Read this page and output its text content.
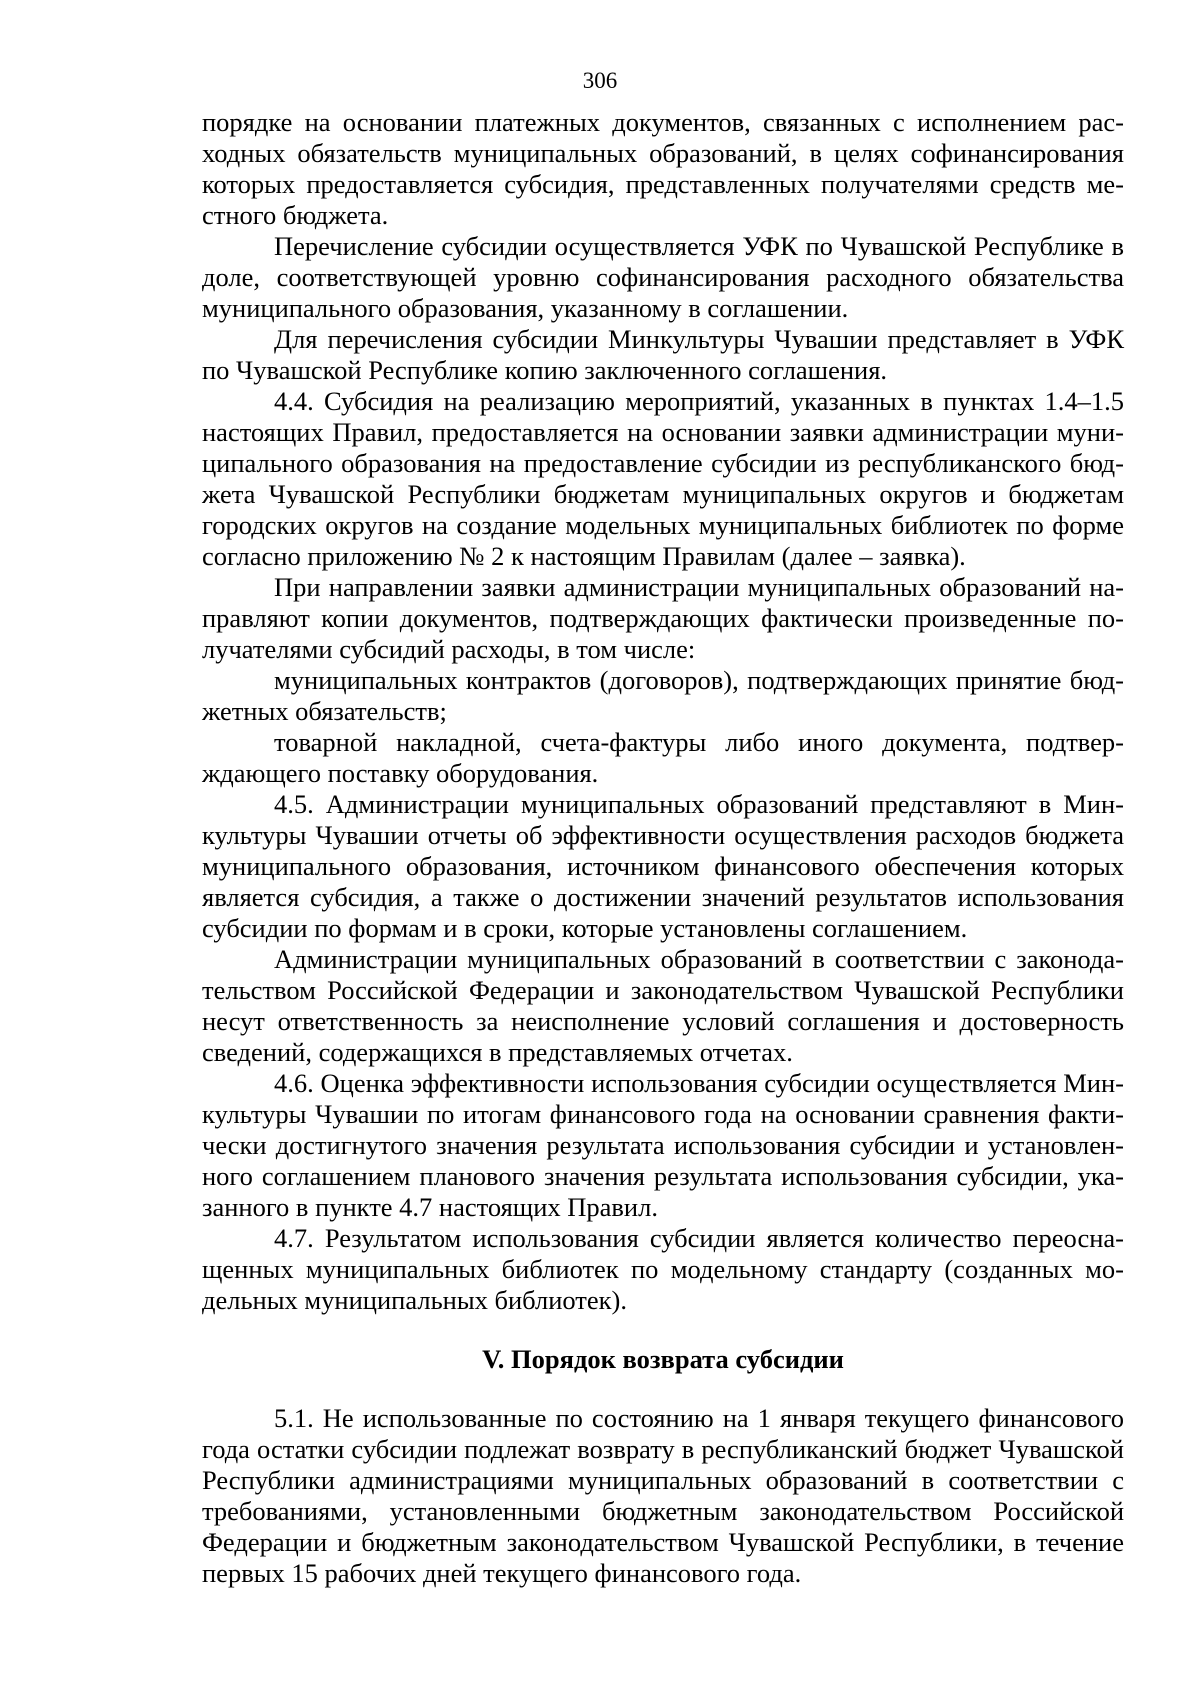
306

порядке на основании платежных документов, связанных с исполнением расходных обязательств муниципальных образований, в целях софинансирования которых предоставляется субсидия, представленных получателями средств местного бюджета.

Перечисление субсидии осуществляется УФК по Чувашской Республике в доле, соответствующей уровню софинансирования расходного обязательства муниципального образования, указанному в соглашении.

Для перечисления субсидии Минкультуры Чувашии представляет в УФК по Чувашской Республике копию заключенного соглашения.

4.4. Субсидия на реализацию мероприятий, указанных в пунктах 1.4–1.5 настоящих Правил, предоставляется на основании заявки администрации муниципального образования на предоставление субсидии из республиканского бюджета Чувашской Республики бюджетам муниципальных округов и бюджетам городских округов на создание модельных муниципальных библиотек по форме согласно приложению № 2 к настоящим Правилам (далее – заявка).

При направлении заявки администрации муниципальных образований направляют копии документов, подтверждающих фактически произведенные получателями субсидий расходы, в том числе:

муниципальных контрактов (договоров), подтверждающих принятие бюджетных обязательств;

товарной накладной, счета-фактуры либо иного документа, подтверждающего поставку оборудования.

4.5. Администрации муниципальных образований представляют в Минкультуры Чувашии отчеты об эффективности осуществления расходов бюджета муниципального образования, источником финансового обеспечения которых является субсидия, а также о достижении значений результатов использования субсидии по формам и в сроки, которые установлены соглашением.

Администрации муниципальных образований в соответствии с законодательством Российской Федерации и законодательством Чувашской Республики несут ответственность за неисполнение условий соглашения и достоверность сведений, содержащихся в представляемых отчетах.

4.6. Оценка эффективности использования субсидии осуществляется Минкультуры Чувашии по итогам финансового года на основании сравнения фактически достигнутого значения результата использования субсидии и установленного соглашением планового значения результата использования субсидии, указанного в пункте 4.7 настоящих Правил.

4.7. Результатом использования субсидии является количество переоснащенных муниципальных библиотек по модельному стандарту (созданных модельных муниципальных библиотек).

V. Порядок возврата субсидии

5.1. Не использованные по состоянию на 1 января текущего финансового года остатки субсидии подлежат возврату в республиканский бюджет Чувашской Республики администрациями муниципальных образований в соответствии с требованиями, установленными бюджетным законодательством Российской Федерации и бюджетным законодательством Чувашской Республики, в течение первых 15 рабочих дней текущего финансового года.
